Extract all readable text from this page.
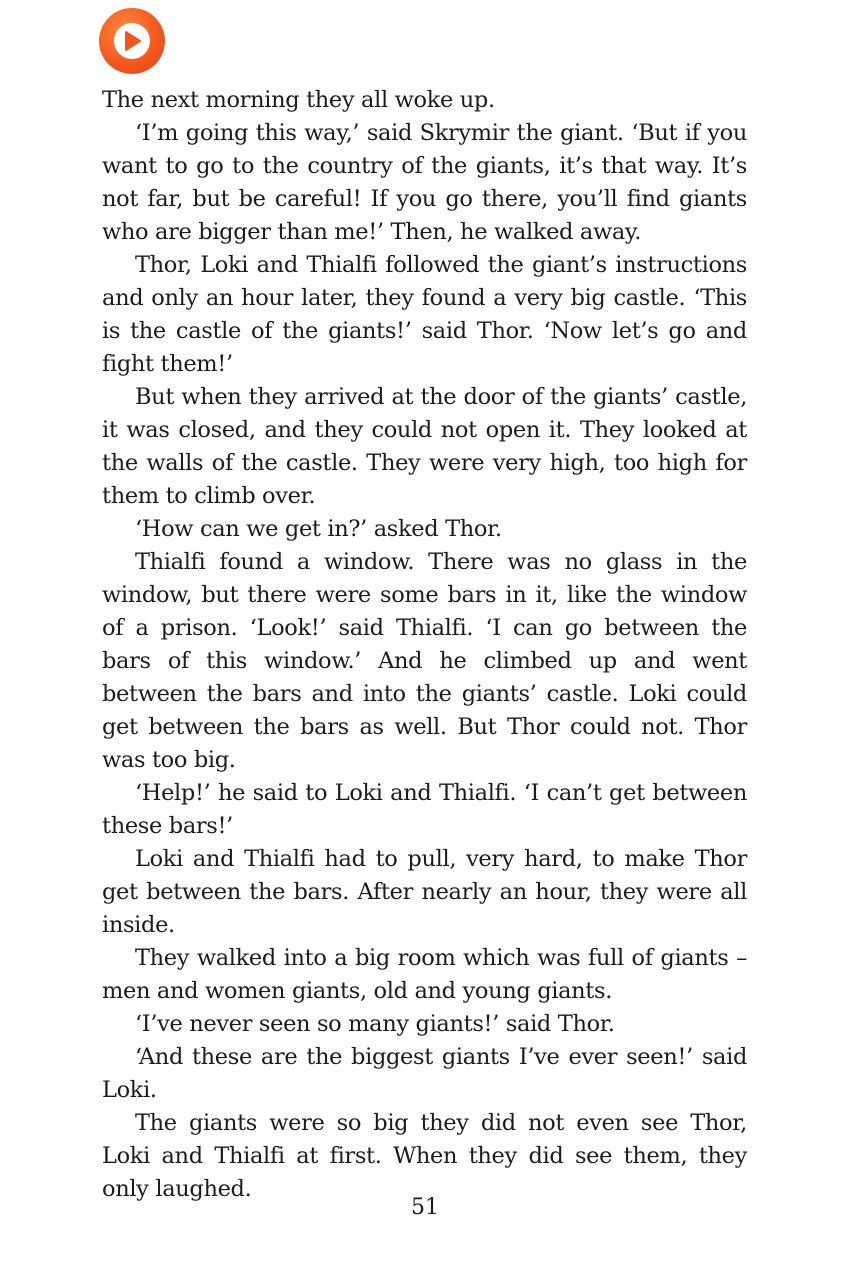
The next morning they all woke up.

‘I’m going this way,’ said Skrymir the giant. ‘But if you want to go to the country of the giants, it’s that way. It’s not far, but be careful! If you go there, you’ll find giants who are bigger than me!’ Then, he walked away.

Thor, Loki and Thialfi followed the giant’s instructions and only an hour later, they found a very big castle. ‘This is the castle of the giants!’ said Thor. ‘Now let’s go and fight them!’

But when they arrived at the door of the giants’ castle, it was closed, and they could not open it. They looked at the walls of the castle. They were very high, too high for them to climb over.

‘How can we get in?’ asked Thor.

Thialfi found a window. There was no glass in the window, but there were some bars in it, like the window of a prison. ‘Look!’ said Thialfi. ‘I can go between the bars of this window.’ And he climbed up and went between the bars and into the giants’ castle. Loki could get between the bars as well. But Thor could not. Thor was too big.

‘Help!’ he said to Loki and Thialfi. ‘I can’t get between these bars!’

Loki and Thialfi had to pull, very hard, to make Thor get between the bars. After nearly an hour, they were all inside.

They walked into a big room which was full of giants – men and women giants, old and young giants.

‘I’ve never seen so many giants!’ said Thor.

‘And these are the biggest giants I’ve ever seen!’ said Loki.

The giants were so big they did not even see Thor, Loki and Thialfi at first. When they did see them, they only laughed.

51
